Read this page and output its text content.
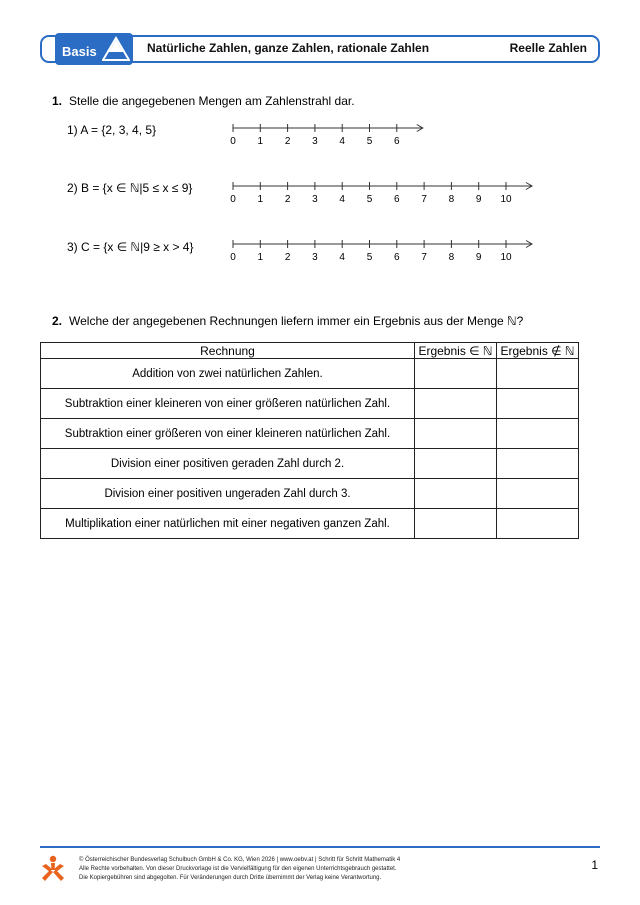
Basis	Natürliche Zahlen, ganze Zahlen, rationale Zahlen	Reelle Zahlen
1. Stelle die angegebenen Mengen am Zahlenstrahl dar.
1) A = {2, 3, 4, 5}
2) B = {x ∈ ℕ|5 ≤ x ≤ 9}
3) C = {x ∈ ℕ|9 ≥ x > 4}
0 1 2 3 4 5 6
0 1 2 3 4 5 6 7 8 9 10
0 1 2 3 4 5 6 7 8 9 10
2. Welche der angegebenen Rechnungen liefern immer ein Ergebnis aus der Menge ℕ?
Rechnung	Ergebnis ∈ ℕ	Ergebnis ∉ ℕ
Addition von zwei natürlichen Zahlen.		
Subtraktion einer kleineren von einer größeren natürlichen Zahl.		
Subtraktion einer größeren von einer kleineren natürlichen Zahl.		
Division einer positiven geraden Zahl durch 2.		
Division einer positiven ungeraden Zahl durch 3.		
Multiplikation einer natürlichen mit einer negativen ganzen Zahl.		
© Österreichischer Bundesverlag Schulbuch GmbH & Co. KG, Wien 2026 | www.oebv.at | Schritt für Schritt Mathematik 4
Alle Rechte vorbehalten. Von dieser Druckvorlage ist die Vervielfältigung für den eigenen Unterrichtsgebrauch gestattet.
Die Kopiergebühren sind abgegolten. Für Veränderungen durch Dritte übernimmt der Verlag keine Verantwortung.
1
